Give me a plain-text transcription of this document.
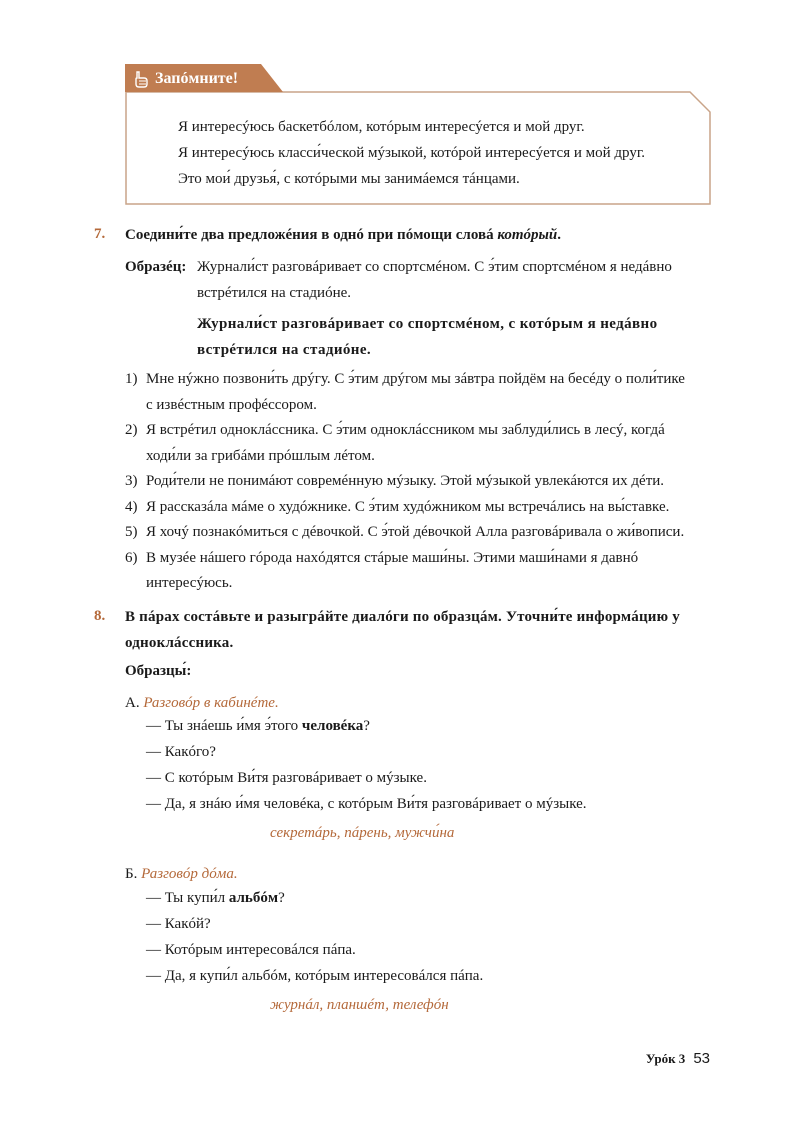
Запóмните!
Я интересýюсь баскетбóлом, котóрым интересýется и мой друг.
Я интересýюсь класси́ческой мýзыкой, котóрой интересýется и мой друг.
Это мои́ друзья́, с котóрыми мы занимáемся тáнцами.
7. Соедини́те два предложéния в однó при пóмощи словá котóрый.
Образéц: Журнали́ст разговáривает со спортсмéном. С э́тим спортсмéном я недáвно
встрéтился на стадиóне.
Журнали́ст разговáривает со спортсмéном, с котóрым я недáвно
встрéтился на стадиóне.
1) Мне нýжно позвони́ть дрýгу. С э́тим дрýгом мы зáвтра пойдём на бесéду о поли́тике
с извéстным профéссором.
2) Я встрéтил одноклáссника. С э́тим одноклáссником мы заблуди́лись в лесý, когдá
ходи́ли за грибáми прóшлым лéтом.
3) Роди́тели не понимáют совремéнную мýзыку. Этой мýзыкой увлекáются их дéти.
4) Я рассказáла мáме о худóжнике. С э́тим худóжником мы встречáлись на вы́ставке.
5) Я хочý познакóмиться с дéвочкой. С э́той дéвочкой Алла разговáривала о жи́вописи.
6) В музéе нáшего гóрода нахóдятся стáрые маши́ны. Этими маши́нами я давнó
интересýюсь.
8. В пáрах состáвьте и разыгрáйте диалóги по образцáм. Уточни́те информáцию у
одноклáссника.
Образцы́:
А. Разговóр в кабинéте.
— Ты знáешь и́мя э́того человéка?
— Какóго?
— С котóрым Ви́тя разговáривает о мýзыке.
— Да, я знáю и́мя человéка, с котóрым Ви́тя разговáривает о мýзыке.
секретáрь, пáрень, мужчи́на
Б. Разговóр дóма.
— Ты купи́л альбóм?
— Какóй?
— Котóрым интересовáлся пáпа.
— Да, я купи́л альбóм, котóрым интересовáлся пáпа.
журнáл, планшéт, телефóн
Урóк 3 53
